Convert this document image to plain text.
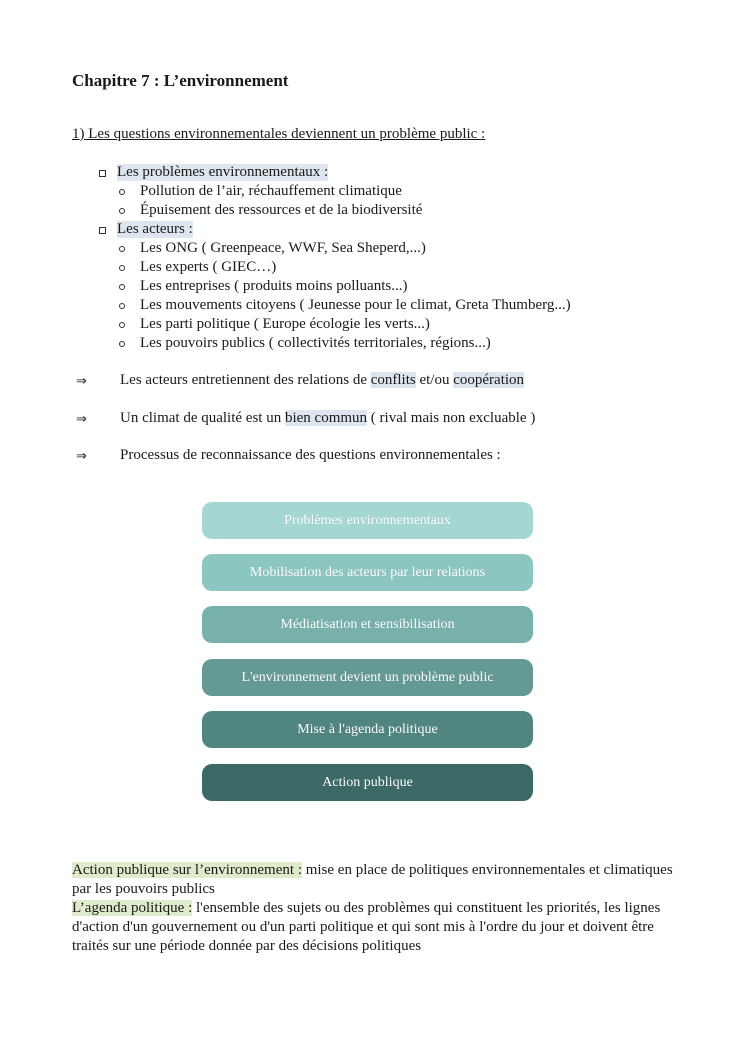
Chapitre 7 : L’environnement
1) Les questions environnementales deviennent un problème public :
Les problèmes environnementaux :
Pollution de l’air, réchauffement climatique
Épuisement des ressources et de la biodiversité
Les acteurs :
Les ONG ( Greenpeace, WWF, Sea Sheperd,...)
Les experts ( GIEC…)
Les entreprises ( produits moins polluants...)
Les mouvements citoyens ( Jeunesse pour le climat, Greta Thumberg...)
Les parti politique ( Europe écologie les verts...)
Les pouvoirs publics ( collectivités territoriales, régions...)
⇒ Les acteurs entretiennent des relations de conflits et/ou coopération
⇒ Un climat de qualité est un bien commun ( rival mais non excluable )
⇒ Processus de reconnaissance des questions environnementales :
Problèmes environnementaux
Mobilisation des acteurs par leur relations
Médiatisation et sensibilisation
L'environnement devient un problème public
Mise à l'agenda politique
Action publique
Action publique sur l’environnement : mise en place de politiques environnementales et climatiques par les pouvoirs publics
L’agenda politique : l'ensemble des sujets ou des problèmes qui constituent les priorités, les lignes d'action d'un gouvernement ou d'un parti politique et qui sont mis à l'ordre du jour et doivent être traités sur une période donnée par des décisions politiques
